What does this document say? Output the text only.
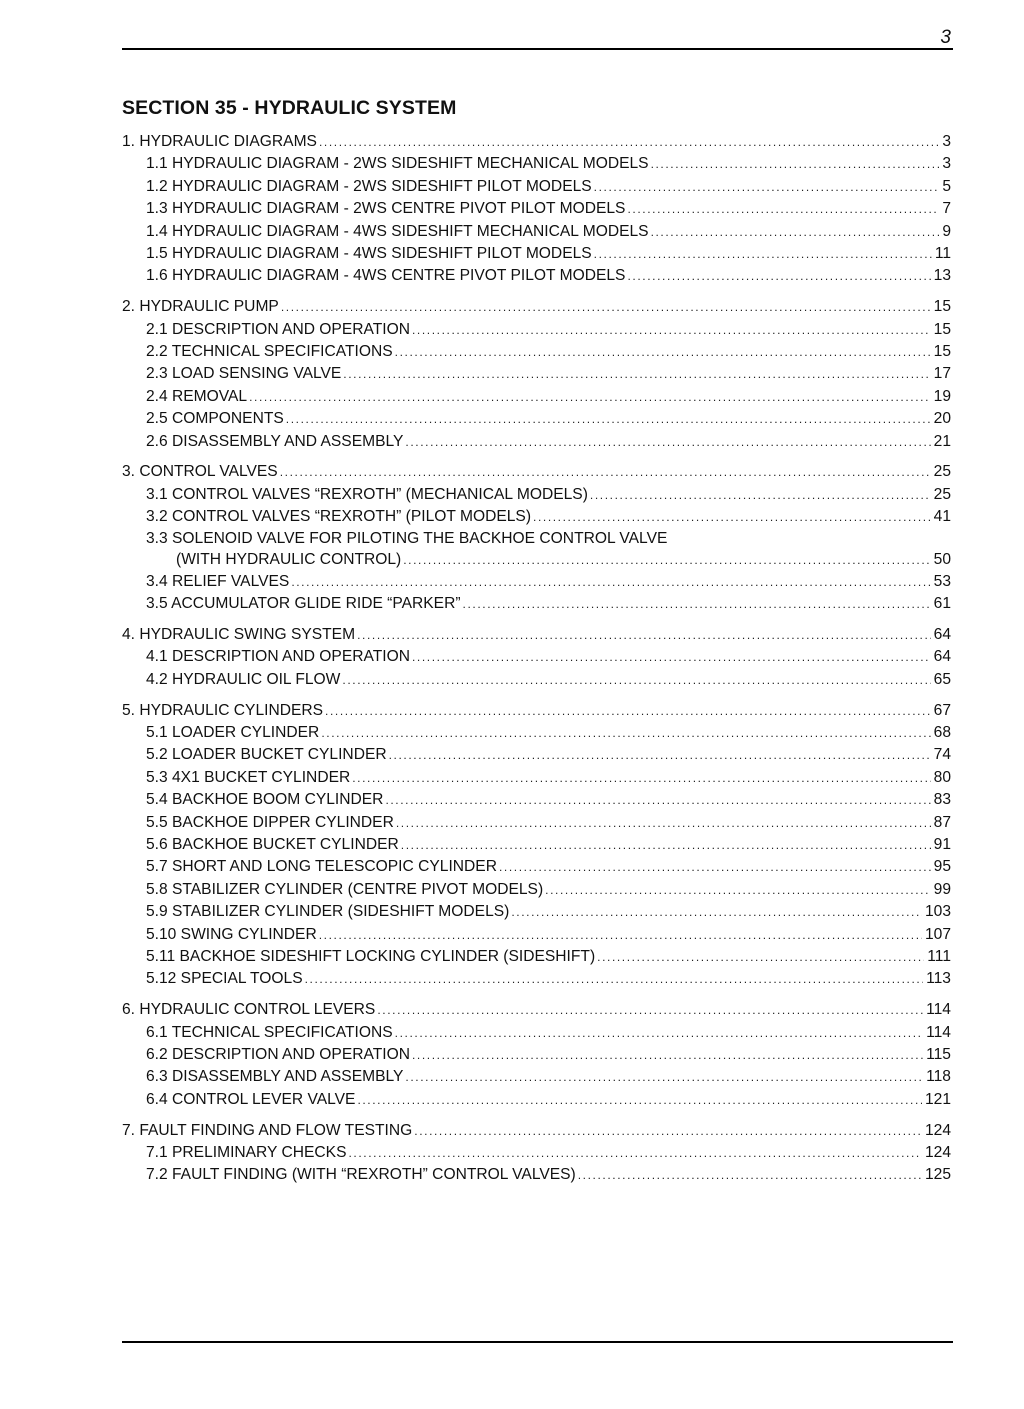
3
SECTION 35 - HYDRAULIC SYSTEM
1. HYDRAULIC DIAGRAMS .....	3
1.1 HYDRAULIC DIAGRAM - 2WS SIDESHIFT MECHANICAL MODELS .....	3
1.2 HYDRAULIC DIAGRAM - 2WS SIDESHIFT PILOT MODELS .....	5
1.3 HYDRAULIC DIAGRAM - 2WS CENTRE PIVOT PILOT MODELS .....	7
1.4 HYDRAULIC DIAGRAM - 4WS SIDESHIFT MECHANICAL MODELS .....	9
1.5 HYDRAULIC DIAGRAM - 4WS SIDESHIFT PILOT MODELS .....	11
1.6 HYDRAULIC DIAGRAM - 4WS CENTRE PIVOT PILOT MODELS .....	13
2. HYDRAULIC PUMP .....	15
2.1 DESCRIPTION AND OPERATION .....	15
2.2 TECHNICAL SPECIFICATIONS .....	15
2.3 LOAD SENSING VALVE .....	17
2.4 REMOVAL .....	19
2.5 COMPONENTS .....	20
2.6 DISASSEMBLY AND ASSEMBLY .....	21
3. CONTROL VALVES .....	25
3.1 CONTROL VALVES “REXROTH” (MECHANICAL MODELS) .....	25
3.2 CONTROL VALVES “REXROTH” (PILOT MODELS) .....	41
3.3 SOLENOID VALVE FOR PILOTING THE BACKHOE CONTROL VALVE
(WITH HYDRAULIC CONTROL) .....	50
3.4 RELIEF VALVES .....	53
3.5 ACCUMULATOR GLIDE RIDE “PARKER” .....	61
4. HYDRAULIC SWING SYSTEM .....	64
4.1 DESCRIPTION AND OPERATION .....	64
4.2 HYDRAULIC OIL FLOW .....	65
5. HYDRAULIC CYLINDERS .....	67
5.1 LOADER CYLINDER .....	68
5.2 LOADER BUCKET CYLINDER .....	74
5.3 4X1 BUCKET CYLINDER .....	80
5.4 BACKHOE BOOM CYLINDER .....	83
5.5 BACKHOE DIPPER CYLINDER .....	87
5.6 BACKHOE BUCKET CYLINDER .....	91
5.7 SHORT AND LONG TELESCOPIC CYLINDER .....	95
5.8 STABILIZER CYLINDER (CENTRE PIVOT MODELS) .....	99
5.9 STABILIZER CYLINDER (SIDESHIFT MODELS) .....	103
5.10 SWING CYLINDER .....	107
5.11 BACKHOE SIDESHIFT LOCKING CYLINDER (SIDESHIFT) .....	111
5.12 SPECIAL TOOLS .....	113
6. HYDRAULIC CONTROL LEVERS .....	114
6.1 TECHNICAL SPECIFICATIONS .....	114
6.2 DESCRIPTION AND OPERATION .....	115
6.3 DISASSEMBLY AND ASSEMBLY .....	118
6.4 CONTROL LEVER VALVE .....	121
7. FAULT FINDING AND FLOW TESTING .....	124
7.1 PRELIMINARY CHECKS .....	124
7.2 FAULT FINDING (WITH “REXROTH” CONTROL VALVES) .....	125
